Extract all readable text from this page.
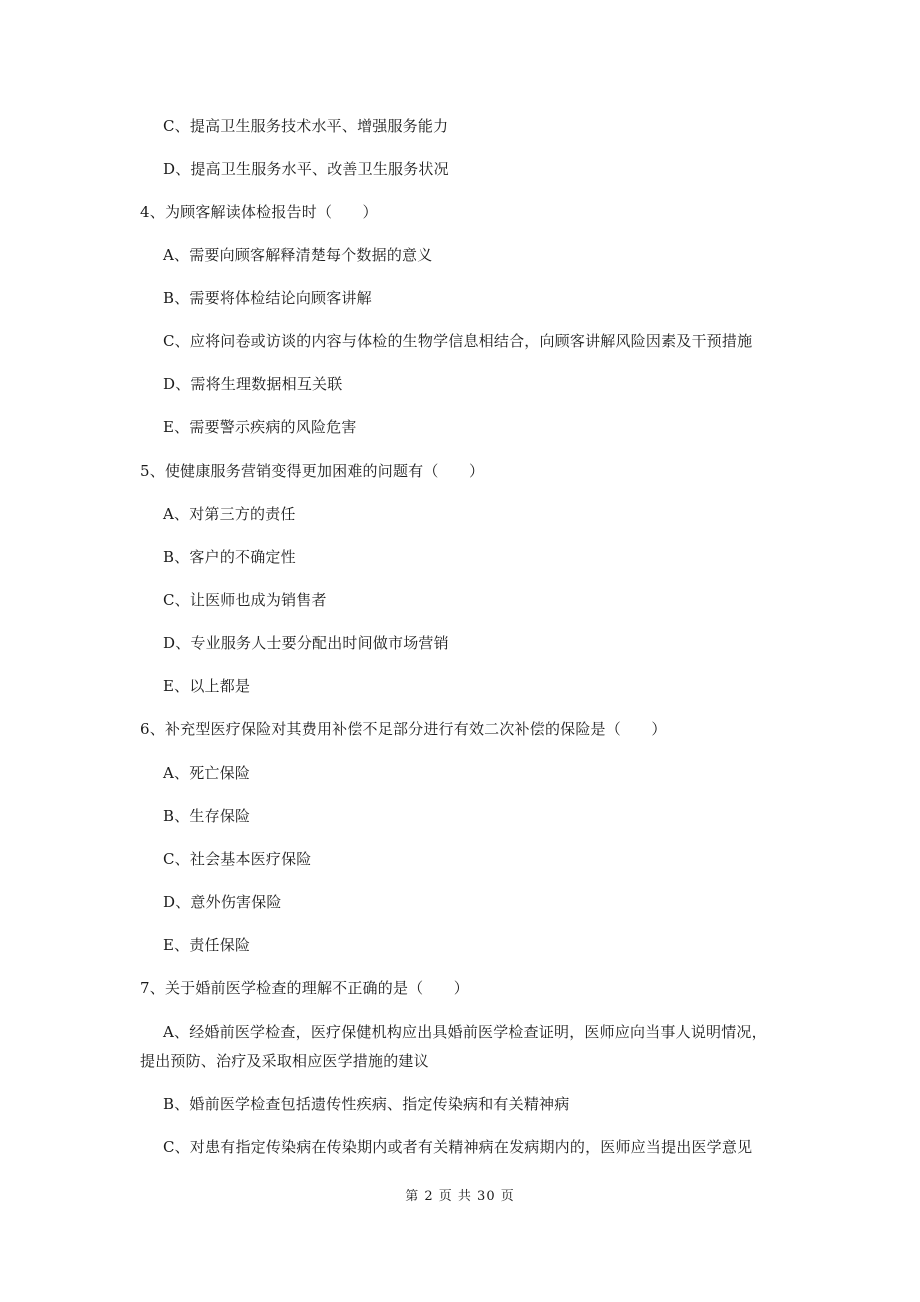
C、提高卫生服务技术水平、增强服务能力
D、提高卫生服务水平、改善卫生服务状况
4、为顾客解读体检报告时（　　）
A、需要向顾客解释清楚每个数据的意义
B、需要将体检结论向顾客讲解
C、应将问卷或访谈的内容与体检的生物学信息相结合，向顾客讲解风险因素及干预措施
D、需将生理数据相互关联
E、需要警示疾病的风险危害
5、使健康服务营销变得更加困难的问题有（　　）
A、对第三方的责任
B、客户的不确定性
C、让医师也成为销售者
D、专业服务人士要分配出时间做市场营销
E、以上都是
6、补充型医疗保险对其费用补偿不足部分进行有效二次补偿的保险是（　　）
A、死亡保险
B、生存保险
C、社会基本医疗保险
D、意外伤害保险
E、责任保险
7、关于婚前医学检查的理解不正确的是（　　）
A、经婚前医学检查，医疗保健机构应出具婚前医学检查证明，医师应向当事人说明情况，
提出预防、治疗及采取相应医学措施的建议
B、婚前医学检查包括遗传性疾病、指定传染病和有关精神病
C、对患有指定传染病在传染期内或者有关精神病在发病期内的，医师应当提出医学意见
第 2 页 共 30 页
